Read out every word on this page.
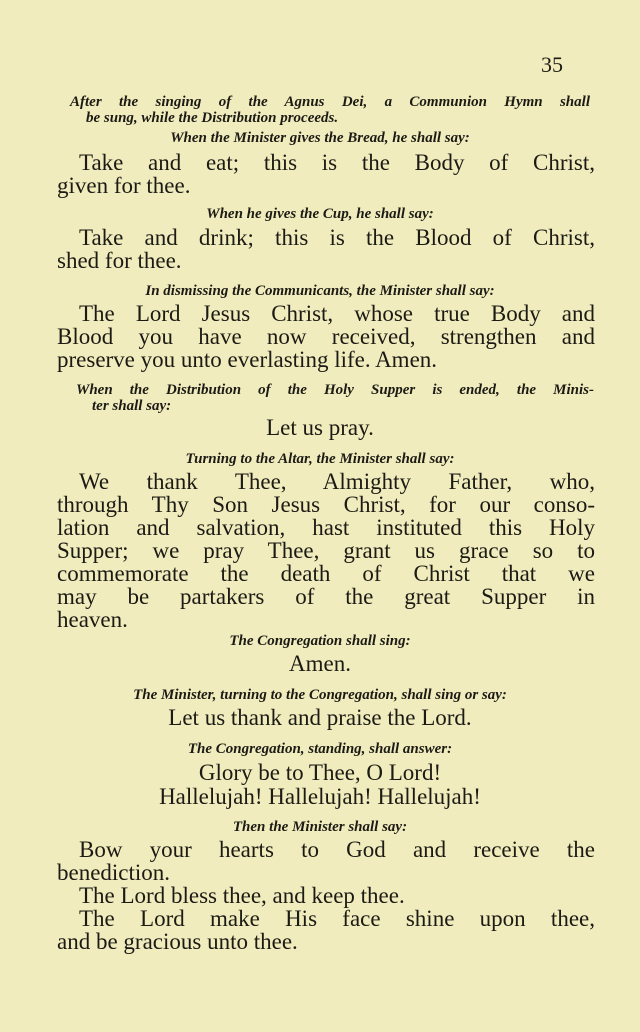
35
After the singing of the Agnus Dei, a Communion Hymn shall
be sung, while the Distribution proceeds.
When the Minister gives the Bread, he shall say:
Take and eat; this is the Body of Christ,
given for thee.
When he gives the Cup, he shall say:
Take and drink; this is the Blood of Christ,
shed for thee.
In dismissing the Communicants, the Minister shall say:
The Lord Jesus Christ, whose true Body and
Blood you have now received, strengthen and
preserve you unto everlasting life. Amen.
When the Distribution of the Holy Supper is ended, the Minis-
ter shall say:
Let us pray.
Turning to the Altar, the Minister shall say:
We thank Thee, Almighty Father, who,
through Thy Son Jesus Christ, for our conso-
lation and salvation, hast instituted this Holy
Supper; we pray Thee, grant us grace so to
commemorate the death of Christ that we
may be partakers of the great Supper in
heaven.
The Congregation shall sing:
Amen.
The Minister, turning to the Congregation, shall sing or say:
Let us thank and praise the Lord.
The Congregation, standing, shall answer:
Glory be to Thee, O Lord!
Hallelujah! Hallelujah! Hallelujah!
Then the Minister shall say:
Bow your hearts to God and receive the
benediction.
The Lord bless thee, and keep thee.
The Lord make His face shine upon thee,
and be gracious unto thee.
